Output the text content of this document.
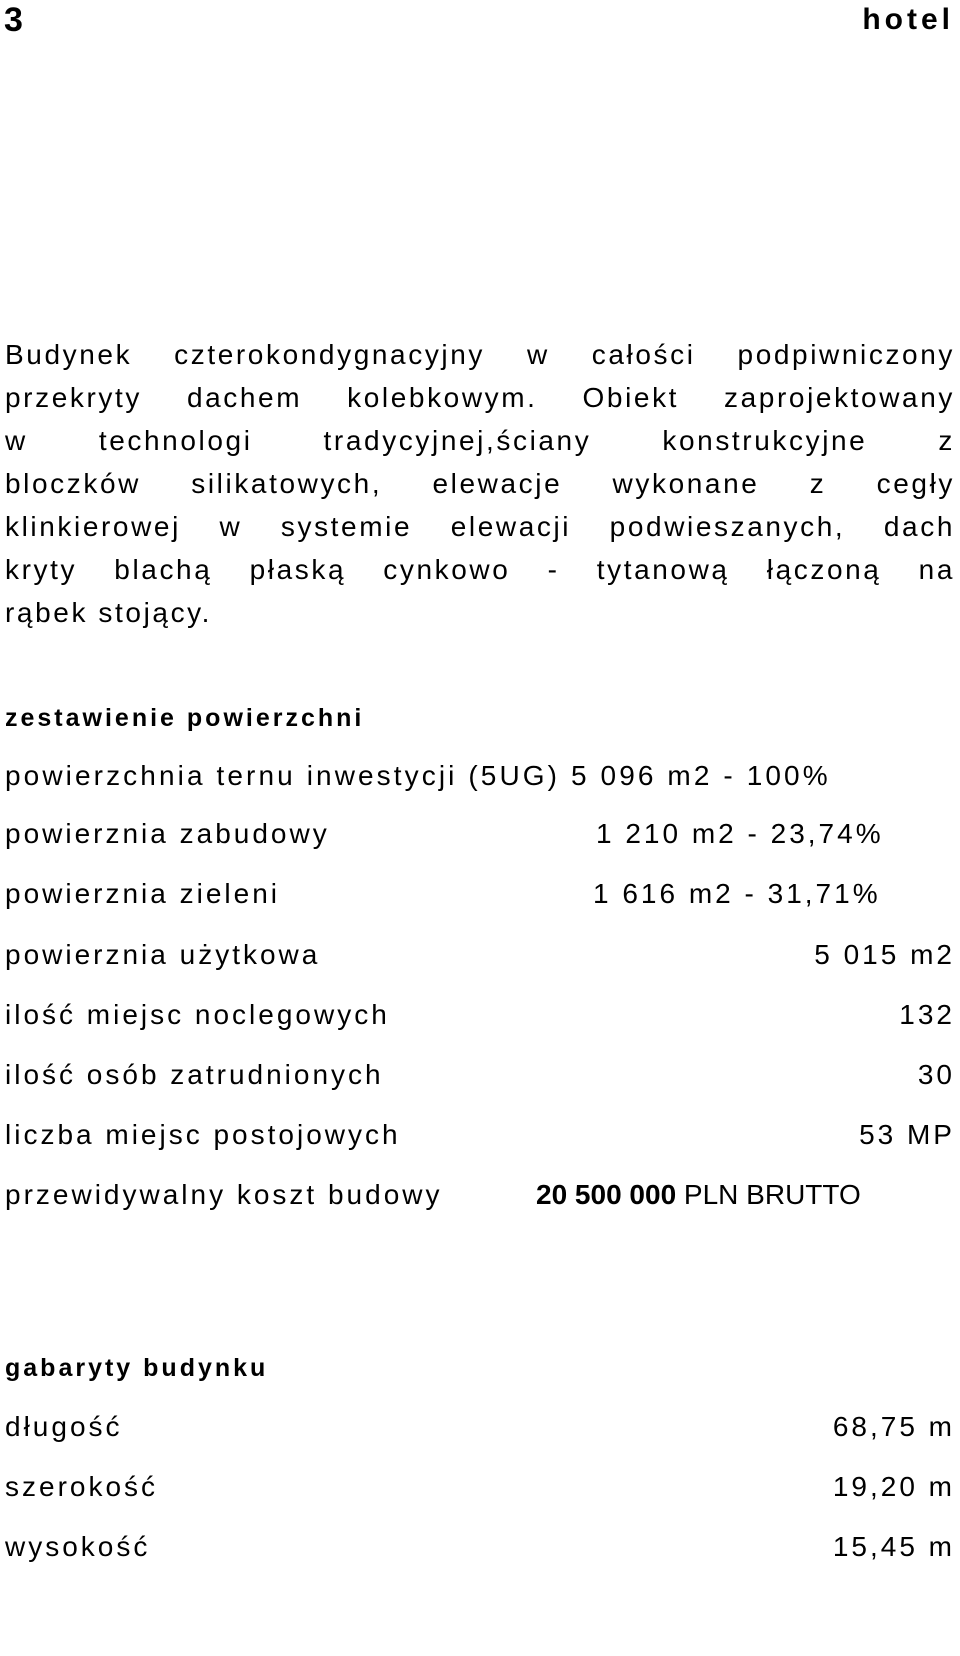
3	hotel
Budynek czterokondygnacyjny w całości podpiwniczony
przekryty dachem kolebkowym. Obiekt zaprojektowany
w technologi tradycyjnej,ściany konstrukcyjne z
bloczków silikatowych, elewacje wykonane z cegły
klinkierowej w systemie elewacji podwieszanych, dach
kryty blachą płaską cynkowo - tytanową łączoną na
rąbek stojący.
zestawienie powierzchni
powierzchnia ternu inwestycji (5UG) 5 096 m2 - 100%
powierznia zabudowy	1 210 m2 - 23,74%
powierznia zieleni	1 616 m2 - 31,71%
powierznia użytkowa	5 015 m2
ilość miejsc noclegowych	132
ilość osób zatrudnionych	30
liczba miejsc postojowych	53 MP
przewidywalny koszt budowy	20 500 000 PLN BRUTTO
gabaryty budynku
długość	68,75 m
szerokość	19,20 m
wysokość	15,45 m
